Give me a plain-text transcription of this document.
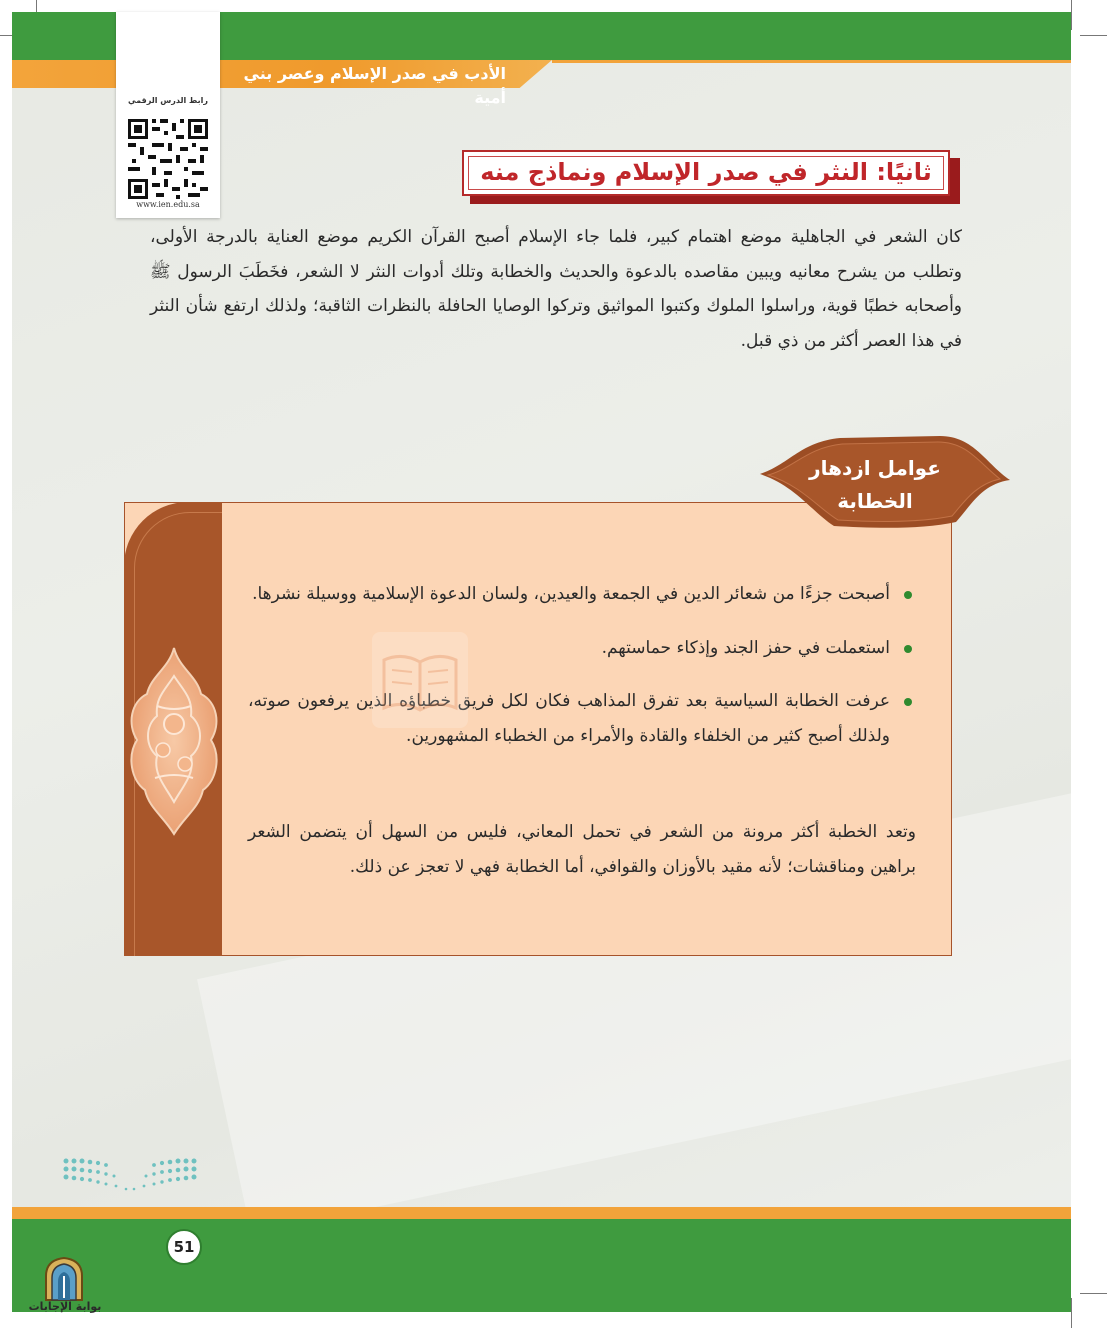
الأدب في صدر الإسلام وعصر بني أمية
رابط الدرس الرقمي
www.ien.edu.sa
ثانيًا: النثر في صدر الإسلام ونماذج منه
كان الشعر في الجاهلية موضع اهتمام كبير، فلما جاء الإسلام أصبح القرآن الكريم موضع العناية بالدرجة الأولى، وتطلب من يشرح معانيه ويبين مقاصده بالدعوة والحديث والخطابة وتلك أدوات النثر لا الشعر، فخَطَبَ الرسول ﷺ وأصحابه خطبًا قوية، وراسلوا الملوك وكتبوا المواثيق وتركوا الوصايا الحافلة بالنظرات الثاقبة؛ ولذلك ارتفع شأن النثر في هذا العصر أكثر من ذي قبل.
عوامل ازدهار
الخطابة
أصبحت جزءًا من شعائر الدين في الجمعة والعيدين، ولسان الدعوة الإسلامية ووسيلة نشرها.
استعملت في حفز الجند وإذكاء حماستهم.
عرفت الخطابة السياسية بعد تفرق المذاهب فكان لكل فريق خطباؤه الذين يرفعون صوته، ولذلك أصبح كثير من الخلفاء والقادة والأمراء من الخطباء المشهورين.
وتعد الخطبة أكثر مرونة من الشعر في تحمل المعاني، فليس من السهل أن يتضمن الشعر براهين ومناقشات؛ لأنه مقيد بالأوزان والقوافي، أما الخطابة فهي لا تعجز عن ذلك.
51
بوابة الإجابات
